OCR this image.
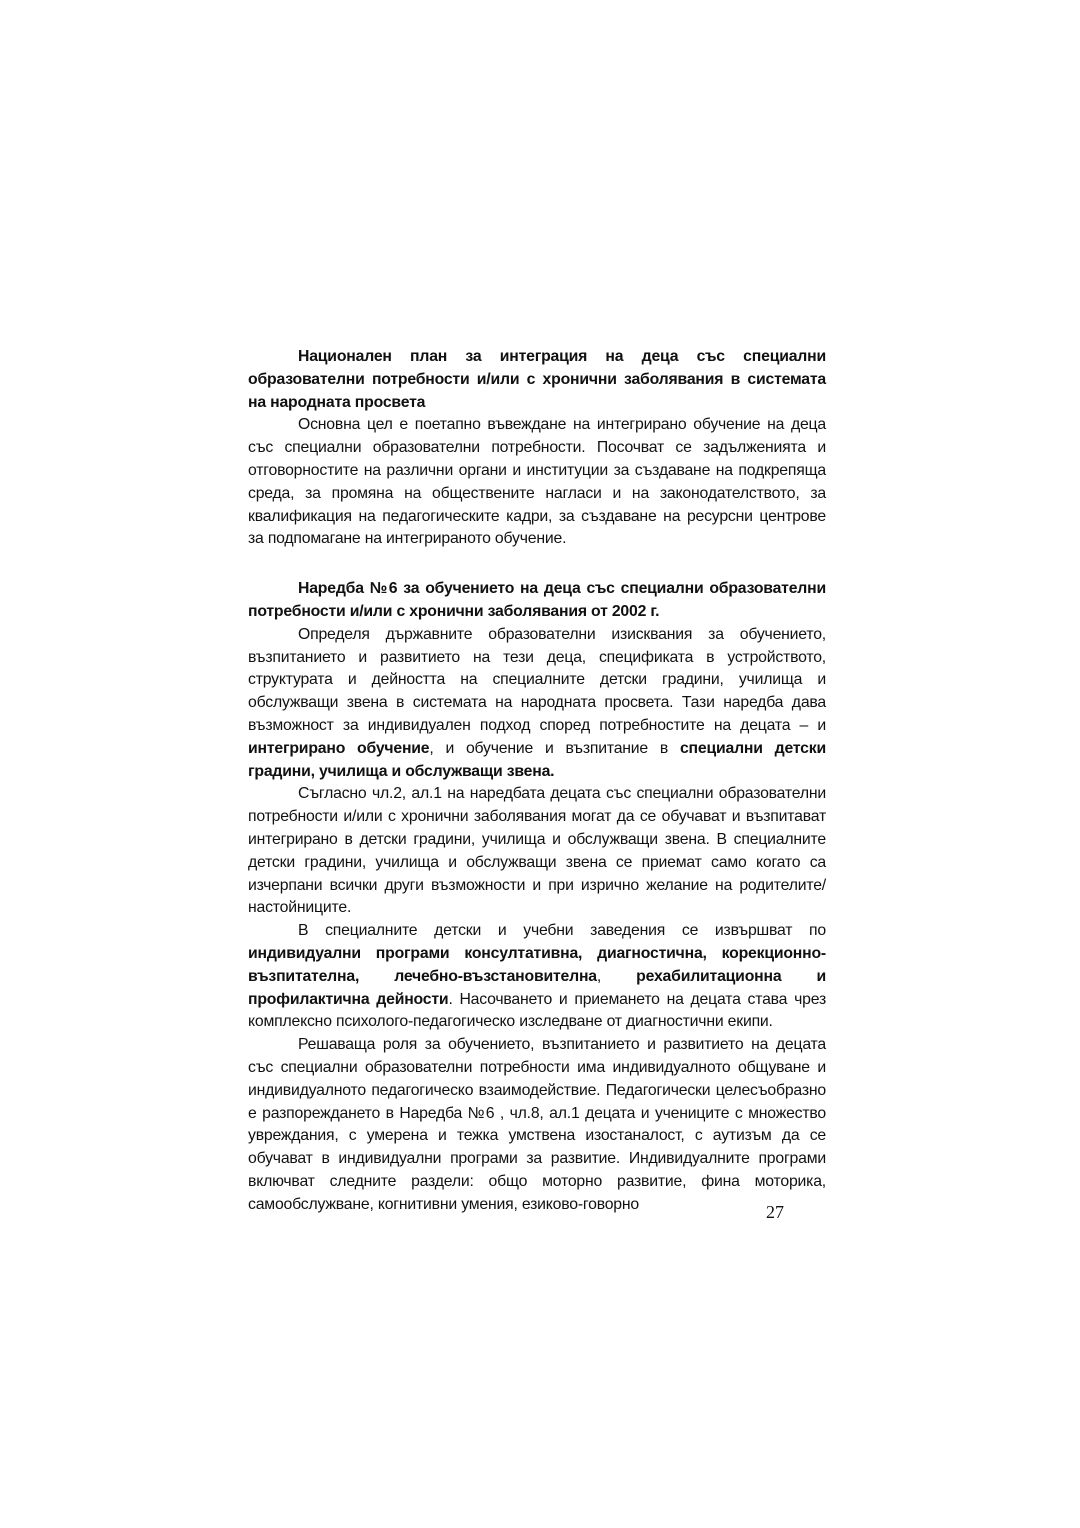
Национален план за интеграция на деца със специални образователни потребности и/или с хронични заболявания в системата на народната просвета

Основна цел е поетапно въвеждане на интегрирано обучение на деца със специални образователни потребности. Посочват се задълженията и отговорностите на различни органи и институции за създаване на подкрепяща среда, за промяна на обществените нагласи и на законодателството, за квалификация на педагогическите кадри, за създаване на ресурсни центрове за подпомагане на интегрираното обучение.

Наредба №6 за обучението на деца със специални образователни потребности и/или с хронични заболявания от 2002 г.

Определя държавните образователни изисквания за обучението, възпитанието и развитието на тези деца, спецификата в устройството, структурата и дейността на специалните детски градини, училища и обслужващи звена в системата на народната просвета. Тази наредба дава възможност за индивидуален подход според потребностите на децата – и интегрирано обучение, и обучение и възпитание в специални детски градини, училища и обслужващи звена.

Съгласно чл.2, ал.1 на наредбата децата със специални образователни потребности и/или с хронични заболявания могат да се обучават и възпитават интегрирано в детски градини, училища и обслужващи звена. В специалните детски градини, училища и обслужващи звена се приемат само когато са изчерпани всички други възможности и при изрично желание на родителите/настойниците.

В специалните детски и учебни заведения се извършват по индивидуални програми консултативна, диагностична, корекционно-възпитателна, лечебно-възстановителна, рехабилитационна и профилактична дейности. Насочването и приемането на децата става чрез комплексно психолого-педагогическо изследване от диагностични екипи.

Решаваща роля за обучението, възпитанието и развитието на децата със специални образователни потребности има индивидуалното общуване и индивидуалното педагогическо взаимодействие. Педагогически целесъобразно е разпореждането в Наредба №6 , чл.8, ал.1 децата и учениците с множество увреждания, с умерена и тежка умствена изостаналост, с аутизъм да се обучават в индивидуални програми за развитие. Индивидуалните програми включват следните раздели: общо моторно развитие, фина моторика, самообслужване, когнитивни умения, езиково-говорно	27
